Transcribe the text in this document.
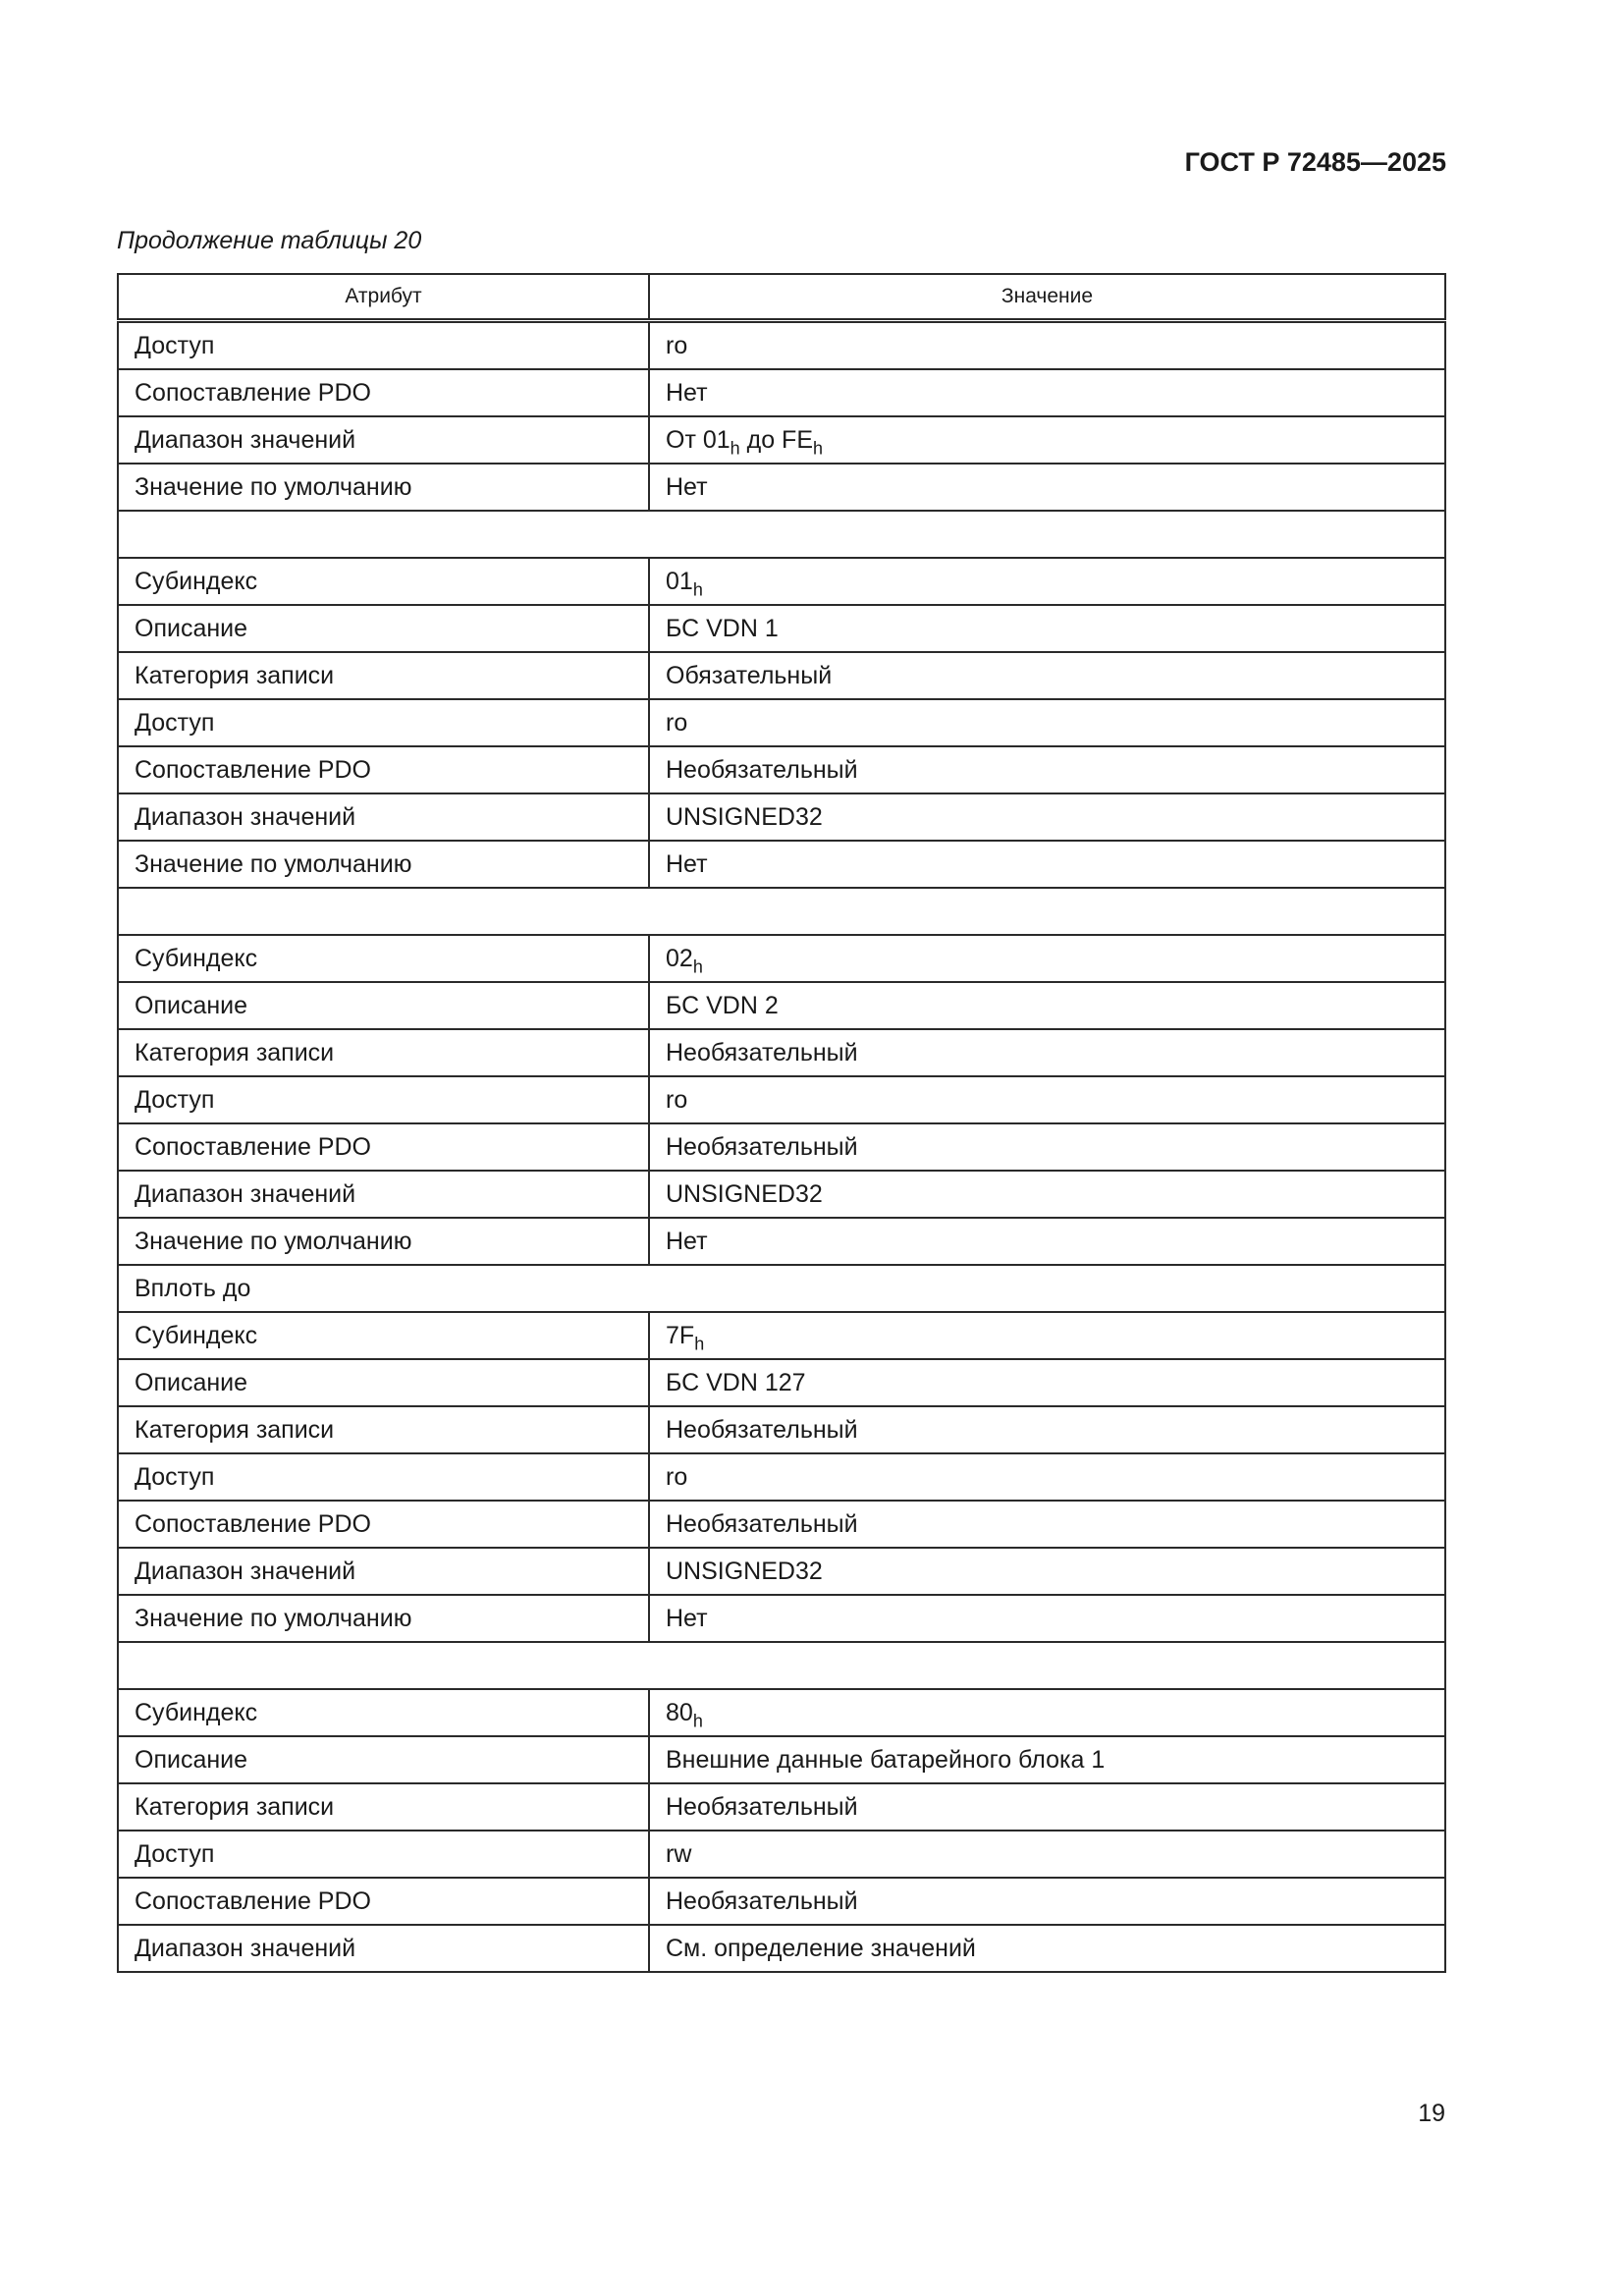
ГОСТ Р 72485—2025
Продолжение таблицы 20
Атрибут	Значение
Доступ	ro
Сопоставление PDO	Нет
Диапазон значений	От $01_h$ до $FE_h$
Значение по умолчанию	Нет

Субиндекс	$01_h$
Описание	БС VDN 1
Категория записи	Обязательный
Доступ	ro
Сопоставление PDO	Необязательный
Диапазон значений	UNSIGNED32
Значение по умолчанию	Нет

Субиндекс	$02_h$
Описание	БС VDN 2
Категория записи	Необязательный
Доступ	ro
Сопоставление PDO	Необязательный
Диапазон значений	UNSIGNED32
Значение по умолчанию	Нет
Вплоть до	
Субиндекс	$7F_h$
Описание	БС VDN 127
Категория записи	Необязательный
Доступ	ro
Сопоставление PDO	Необязательный
Диапазон значений	UNSIGNED32
Значение по умолчанию	Нет

Субиндекс	$80_h$
Описание	Внешние данные батарейного блока 1
Категория записи	Необязательный
Доступ	rw
Сопоставление PDO	Необязательный
Диапазон значений	См. определение значений
19
